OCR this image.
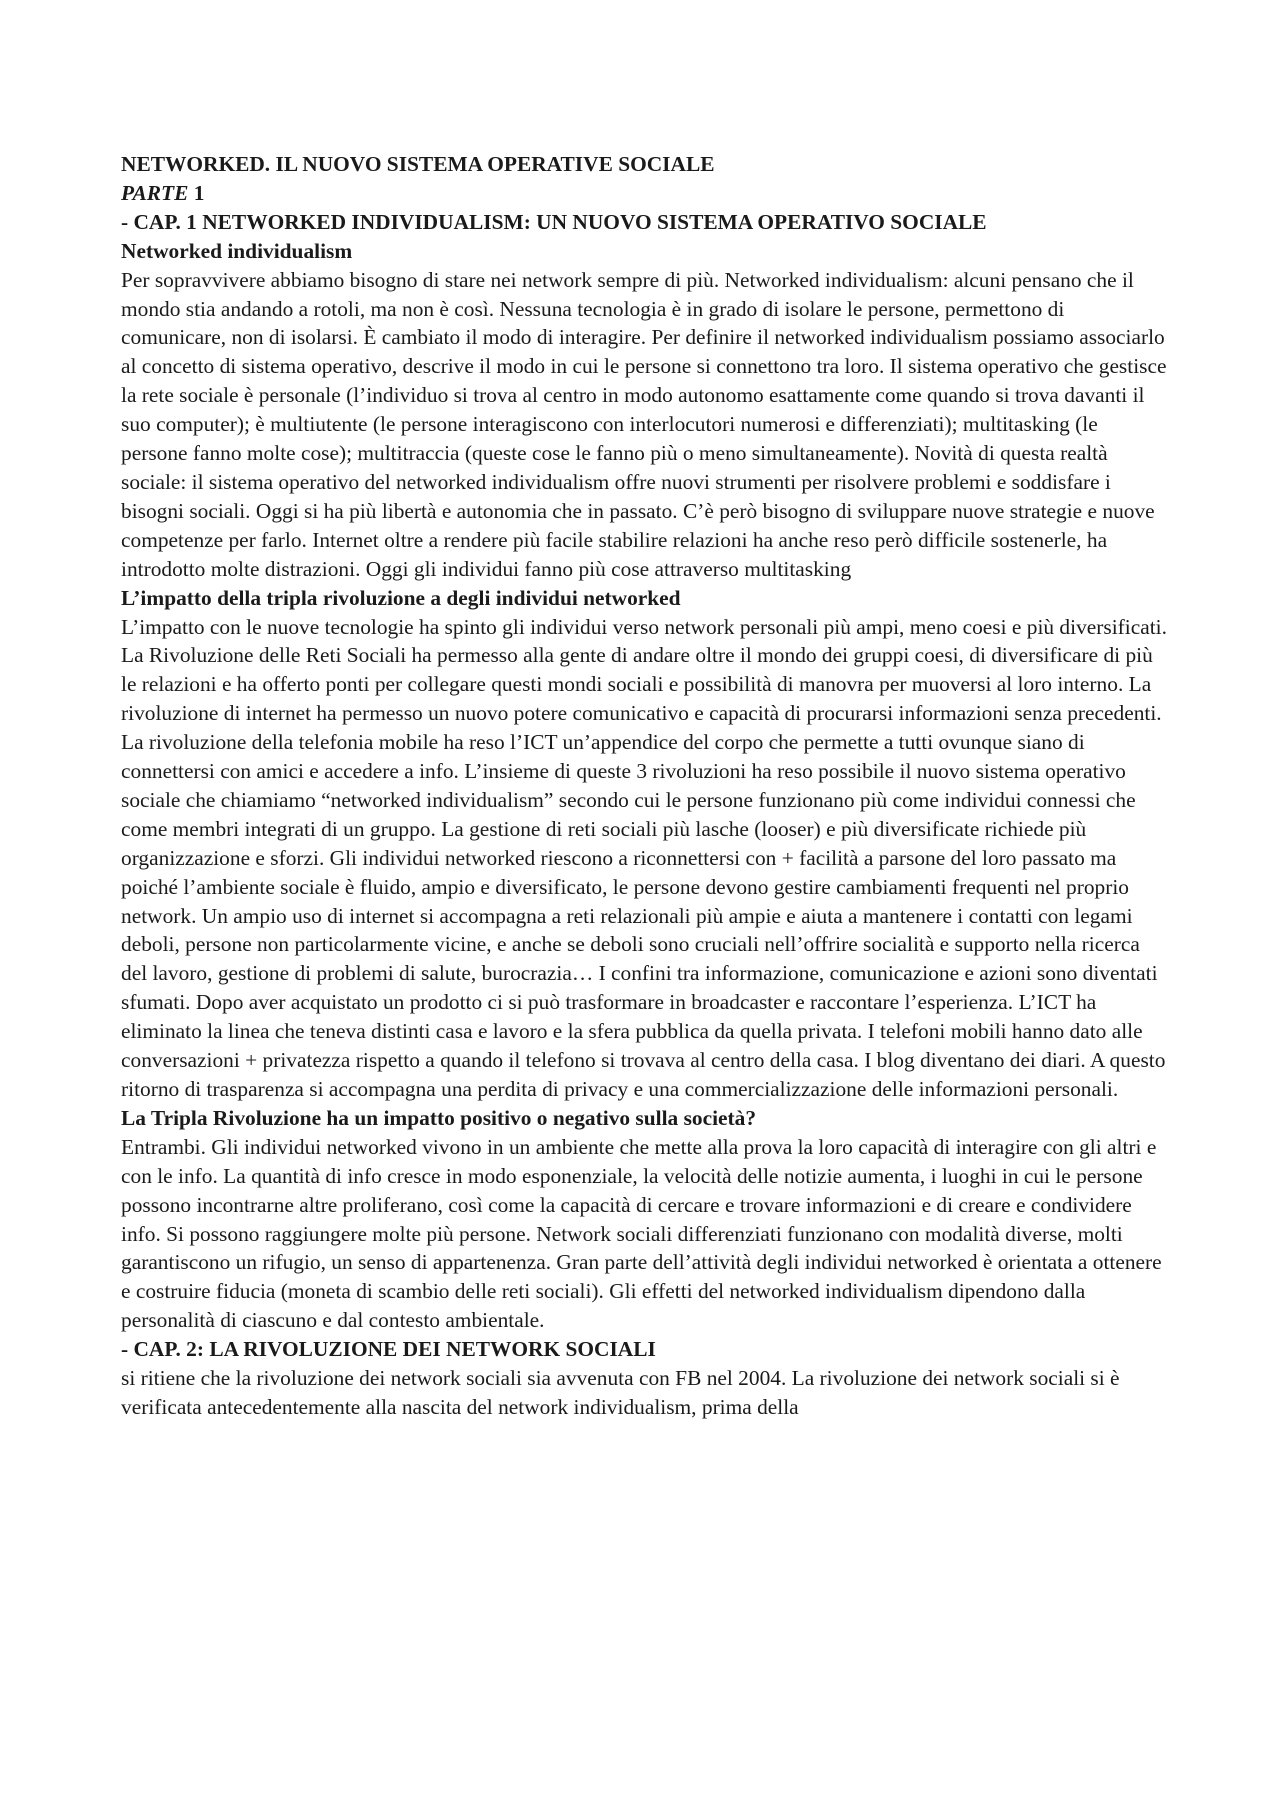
NETWORKED. IL NUOVO SISTEMA OPERATIVE SOCIALE
PARTE 1
- CAP. 1 NETWORKED INDIVIDUALISM: UN NUOVO SISTEMA OPERATIVO SOCIALE
Networked individualism
Per sopravvivere abbiamo bisogno di stare nei network sempre di più. Networked individualism: alcuni pensano che il mondo stia andando a rotoli, ma non è così. Nessuna tecnologia è in grado di isolare le persone, permettono di comunicare, non di isolarsi. È cambiato il modo di interagire. Per definire il networked individualism possiamo associarlo al concetto di sistema operativo, descrive il modo in cui le persone si connettono tra loro. Il sistema operativo che gestisce la rete sociale è personale (l’individuo si trova al centro in modo autonomo esattamente come quando si trova davanti il suo computer); è multiutente (le persone interagiscono con interlocutori numerosi e differenziati); multitasking (le persone fanno molte cose); multitraccia (queste cose le fanno più o meno simultaneamente). Novità di questa realtà sociale: il sistema operativo del networked individualism offre nuovi strumenti per risolvere problemi e soddisfare i bisogni sociali. Oggi si ha più libertà e autonomia che in passato. C’è però bisogno di sviluppare nuove strategie e nuove competenze per farlo. Internet oltre a rendere più facile stabilire relazioni ha anche reso però difficile sostenerle, ha introdotto molte distrazioni. Oggi gli individui fanno più cose attraverso multitasking
L’impatto della tripla rivoluzione a degli individui networked
L’impatto con le nuove tecnologie ha spinto gli individui verso network personali più ampi, meno coesi e più diversificati. La Rivoluzione delle Reti Sociali ha permesso alla gente di andare oltre il mondo dei gruppi coesi, di diversificare di più le relazioni e ha offerto ponti per collegare questi mondi sociali e possibilità di manovra per muoversi al loro interno. La rivoluzione di internet ha permesso un nuovo potere comunicativo e capacità di procurarsi informazioni senza precedenti. La rivoluzione della telefonia mobile ha reso l’ICT un’appendice del corpo che permette a tutti ovunque siano di connettersi con amici e accedere a info. L’insieme di queste 3 rivoluzioni ha reso possibile il nuovo sistema operativo sociale che chiamiamo “networked individualism” secondo cui le persone funzionano più come individui connessi che come membri integrati di un gruppo. La gestione di reti sociali più lasche (looser) e più diversificate richiede più organizzazione e sforzi. Gli individui networked riescono a riconnettersi con + facilità a parsone del loro passato ma poiché l’ambiente sociale è fluido, ampio e diversificato, le persone devono gestire cambiamenti frequenti nel proprio network. Un ampio uso di internet si accompagna a reti relazionali più ampie e aiuta a mantenere i contatti con legami deboli, persone non particolarmente vicine, e anche se deboli sono cruciali nell’offrire socialità e supporto nella ricerca del lavoro, gestione di problemi di salute, burocrazia… I confini tra informazione, comunicazione e azioni sono diventati sfumati. Dopo aver acquistato un prodotto ci si può trasformare in broadcaster e raccontare l’esperienza. L’ICT ha eliminato la linea che teneva distinti casa e lavoro e la sfera pubblica da quella privata. I telefoni mobili hanno dato alle conversazioni + privatezza rispetto a quando il telefono si trovava al centro della casa. I blog diventano dei diari. A questo ritorno di trasparenza si accompagna una perdita di privacy e una commercializzazione delle informazioni personali.
La Tripla Rivoluzione ha un impatto positivo o negativo sulla società?
Entrambi. Gli individui networked vivono in un ambiente che mette alla prova la loro capacità di interagire con gli altri e con le info. La quantità di info cresce in modo esponenziale, la velocità delle notizie aumenta, i luoghi in cui le persone possono incontrarne altre proliferano, così come la capacità di cercare e trovare informazioni e di creare e condividere info. Si possono raggiungere molte più persone. Network sociali differenziati funzionano con modalità diverse, molti garantiscono un rifugio, un senso di appartenenza. Gran parte dell’attività degli individui networked è orientata a ottenere e costruire fiducia (moneta di scambio delle reti sociali). Gli effetti del networked individualism dipendono dalla personalità di ciascuno e dal contesto ambientale.
- CAP. 2: LA RIVOLUZIONE DEI NETWORK SOCIALI
si ritiene che la rivoluzione dei network sociali sia avvenuta con FB nel 2004. La rivoluzione dei network sociali si è verificata antecedentemente alla nascita del network individualism, prima della
